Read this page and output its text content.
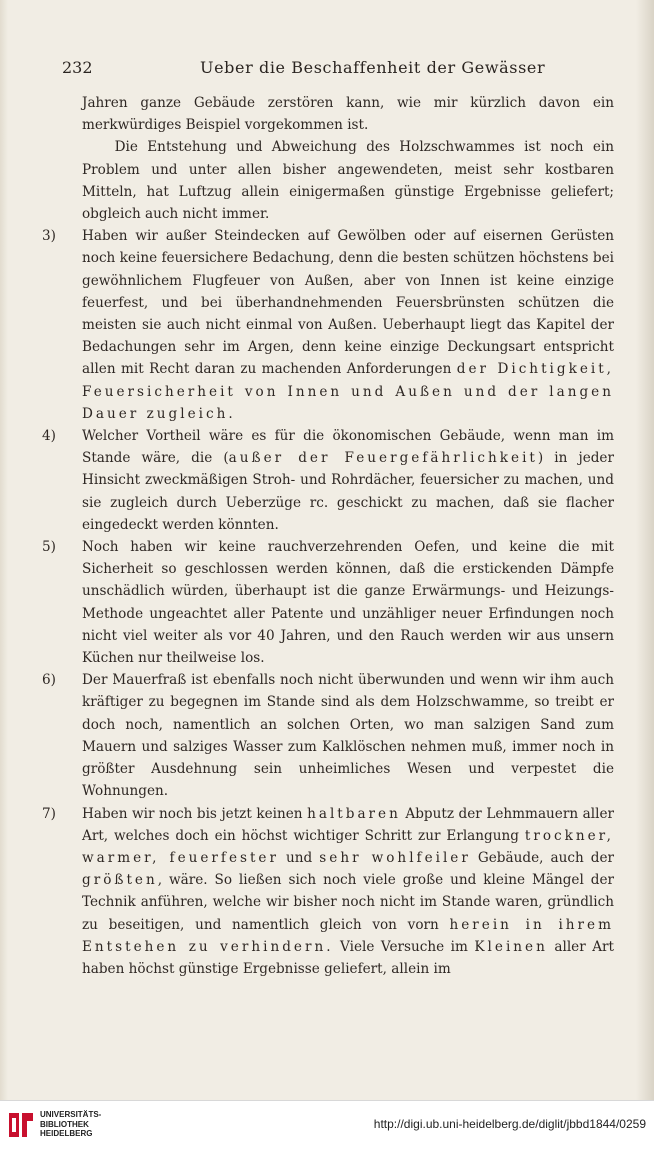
232	Ueber die Beschaffenheit der Gewässer

Jahren ganze Gebäude zerstören kann, wie mir kürzlich davon ein merkwürdiges Beispiel vorgekommen ist.

Die Entstehung und Abweichung des Holzschwammes ist noch ein Problem und unter allen bisher angewendeten, meist sehr kostbaren Mitteln, hat Luftzug allein einigermaßen günstige Ergebnisse geliefert; obgleich auch nicht immer.

3)	Haben wir außer Steindecken auf Gewölben oder auf eisernen Gerüsten noch keine feuersichere Bedachung, denn die besten schützen höchstens bei gewöhnlichem Flugfeuer von Außen, aber von Innen ist keine einzige feuerfest, und bei überhandnehmenden Feuersbrünsten schützen die meisten sie auch nicht einmal von Außen. Ueberhaupt liegt das Kapitel der Bedachungen sehr im Argen, denn keine einzige Deckungsart entspricht allen mit Recht daran zu machenden Anforderungen der Dichtigkeit, Feuersicherheit von Innen und Außen und der langen Dauer zugleich.

4)	Welcher Vortheil wäre es für die ökonomischen Gebäude, wenn man im Stande wäre, die (außer der Feuergefährlichkeit) in jeder Hinsicht zweckmäßigen Stroh- und Rohrdächer, feuersicher zu machen, und sie zugleich durch Ueberzüge rc. geschickt zu machen, daß sie flacher eingedeckt werden könnten.

5)	Noch haben wir keine rauchverzehrenden Oefen, und keine die mit Sicherheit so geschlossen werden können, daß die erstickenden Dämpfe unschädlich würden, überhaupt ist die ganze Erwärmungs- und Heizungs-Methode ungeachtet aller Patente und unzähliger neuer Erfindungen noch nicht viel weiter als vor 40 Jahren, und den Rauch werden wir aus unsern Küchen nur theilweise los.

6)	Der Mauerfraß ist ebenfalls noch nicht überwunden und wenn wir ihm auch kräftiger zu begegnen im Stande sind als dem Holzschwamme, so treibt er doch noch, namentlich an solchen Orten, wo man salzigen Sand zum Mauern und salziges Wasser zum Kalklöschen nehmen muß, immer noch in größter Ausdehnung sein unheimliches Wesen und verpestet die Wohnungen.

7)	Haben wir noch bis jetzt keinen haltbaren Abputz der Lehmmauern aller Art, welches doch ein höchst wichtiger Schritt zur Erlangung trockner, warmer, feuerfester und sehr wohlfeiler Gebäude, auch der größten, wäre. So ließen sich noch viele große und kleine Mängel der Technik anführen, welche wir bisher noch nicht im Stande waren, gründlich zu beseitigen, und namentlich gleich von vorn herein in ihrem Entstehen zu verhindern. Viele Versuche im Kleinen aller Art haben höchst günstige Ergebnisse geliefert, allein im

UNIVERSITÄTS-
BIBLIOTHEK
HEIDELBERG
http://digi.ub.uni-heidelberg.de/diglit/jbbd1844/0259
